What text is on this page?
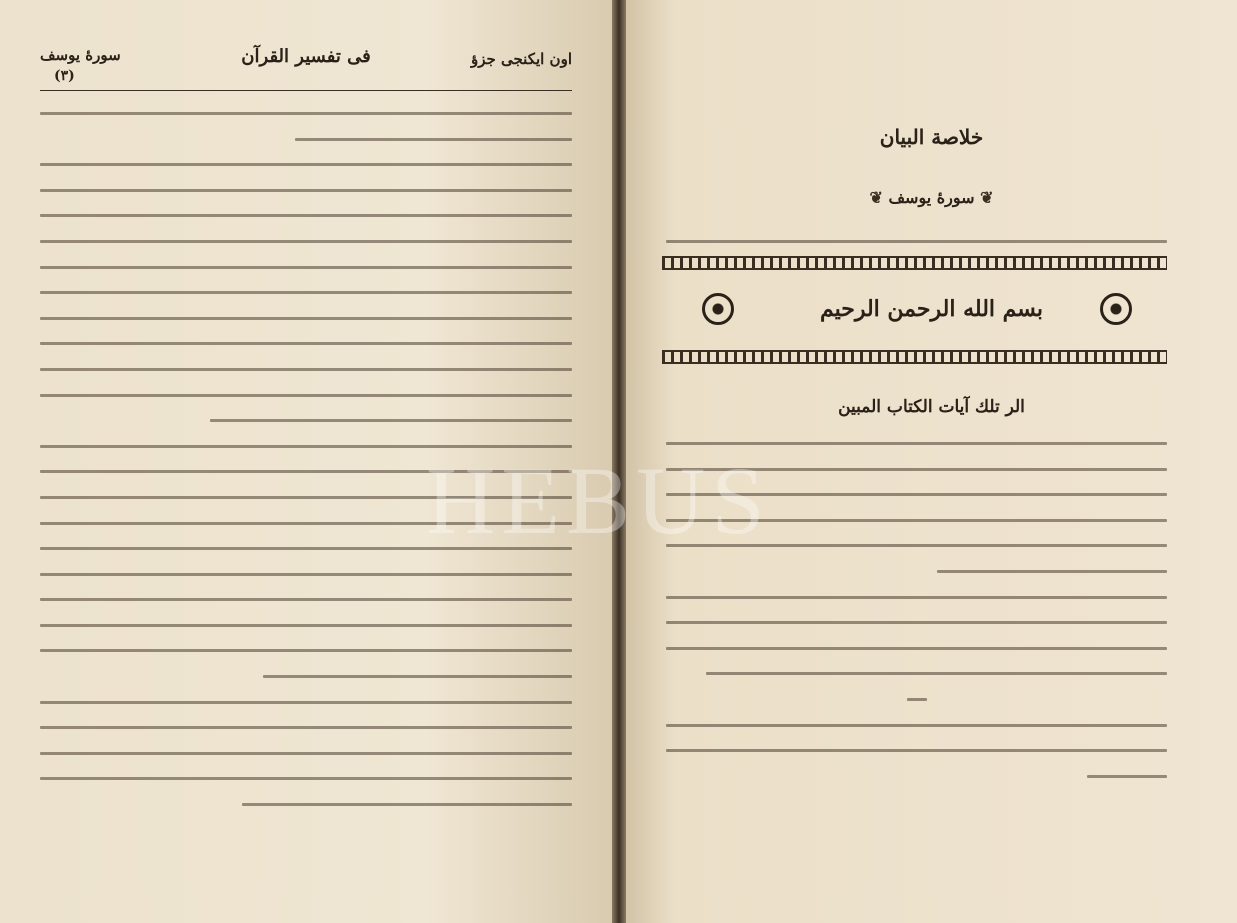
اون ايكنجى جزؤ
فى تفسير القرآن
سورهٔ يوسف
(٣)
خلاصة البيان
❦ سورهٔ يوسف ❦
بسم الله الرحمن الرحيم
الر تلك آيات الكتاب المبين
HEBUS
